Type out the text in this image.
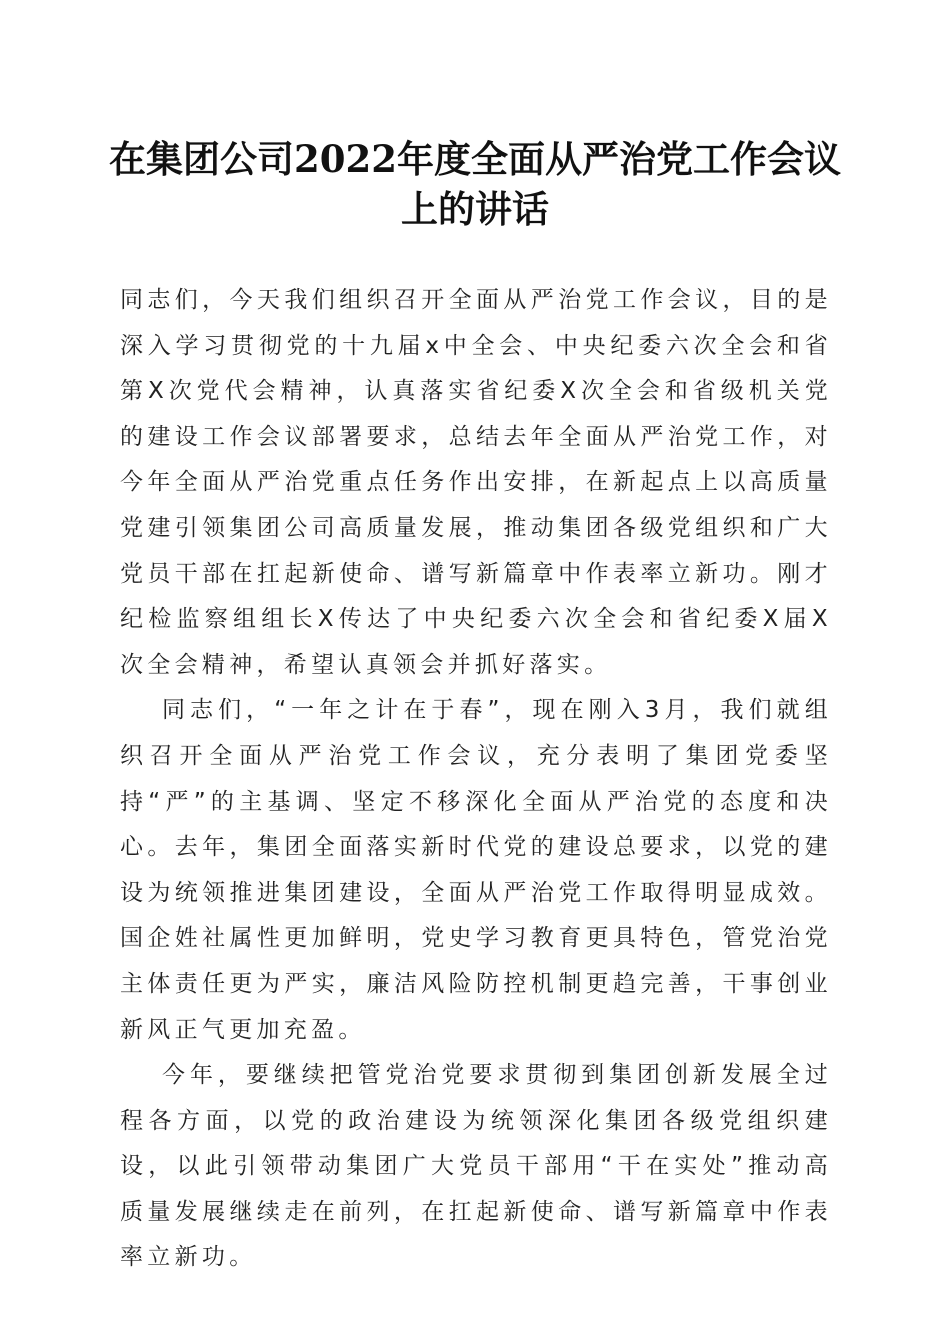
在集团公司2022年度全面从严治党工作会议
上的讲话

同志们，今天我们组织召开全面从严治党工作会议，目的是深入学习贯彻党的十九届x中全会、中央纪委六次全会和省第X次党代会精神，认真落实省纪委X次全会和省级机关党的建设工作会议部署要求，总结去年全面从严治党工作，对今年全面从严治党重点任务作出安排，在新起点上以高质量党建引领集团公司高质量发展，推动集团各级党组织和广大党员干部在扛起新使命、谱写新篇章中作表率立新功。刚才纪检监察组组长X传达了中央纪委六次全会和省纪委X届X次全会精神，希望认真领会并抓好落实。

同志们，“一年之计在于春”，现在刚入3月，我们就组织召开全面从严治党工作会议，充分表明了集团党委坚持“严”的主基调、坚定不移深化全面从严治党的态度和决心。去年，集团全面落实新时代党的建设总要求，以党的建设为统领推进集团建设，全面从严治党工作取得明显成效。国企姓社属性更加鲜明，党史学习教育更具特色，管党治党主体责任更为严实，廉洁风险防控机制更趋完善，干事创业新风正气更加充盈。

今年，要继续把管党治党要求贯彻到集团创新发展全过程各方面，以党的政治建设为统领深化集团各级党组织建设，以此引领带动集团广大党员干部用“干在实处”推动高质量发展继续走在前列，在扛起新使命、谱写新篇章中作表率立新功。
